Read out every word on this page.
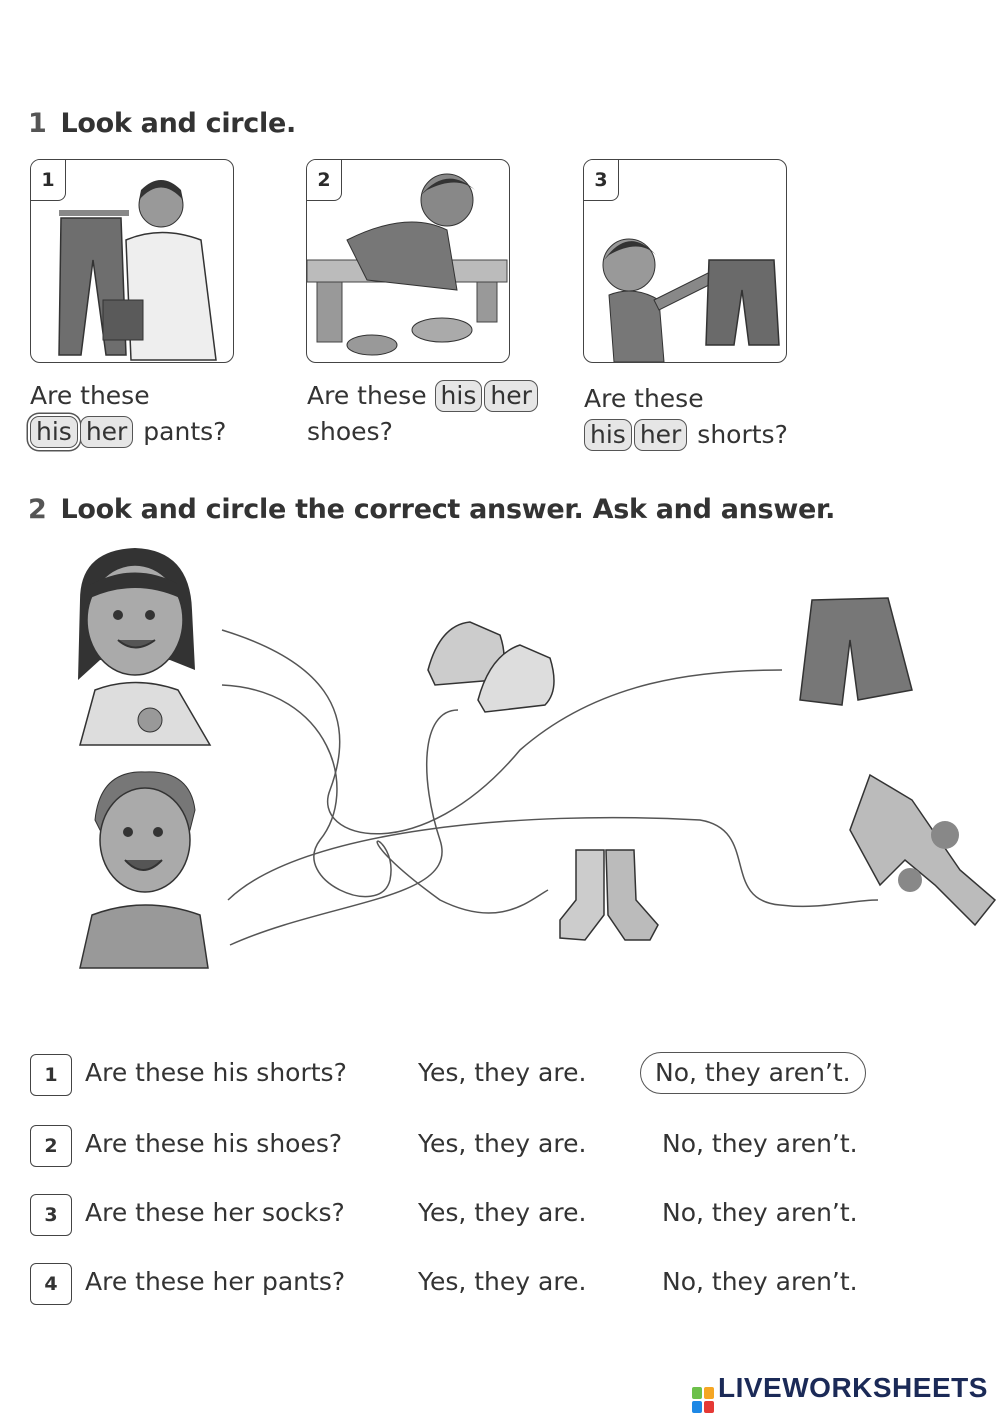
1 Look and circle.
1	2	3
Are these
his her pants?
Are these his her
shoes?
Are these
his her shorts?
2 Look and circle the correct answer. Ask and answer.
1	Are these his shorts?	Yes, they are.	No, they aren’t.
2	Are these his shoes?	Yes, they are.	No, they aren’t.
3	Are these her socks?	Yes, they are.	No, they aren’t.
4	Are these her pants?	Yes, they are.	No, they aren’t.
LIVEWORKSHEETS
